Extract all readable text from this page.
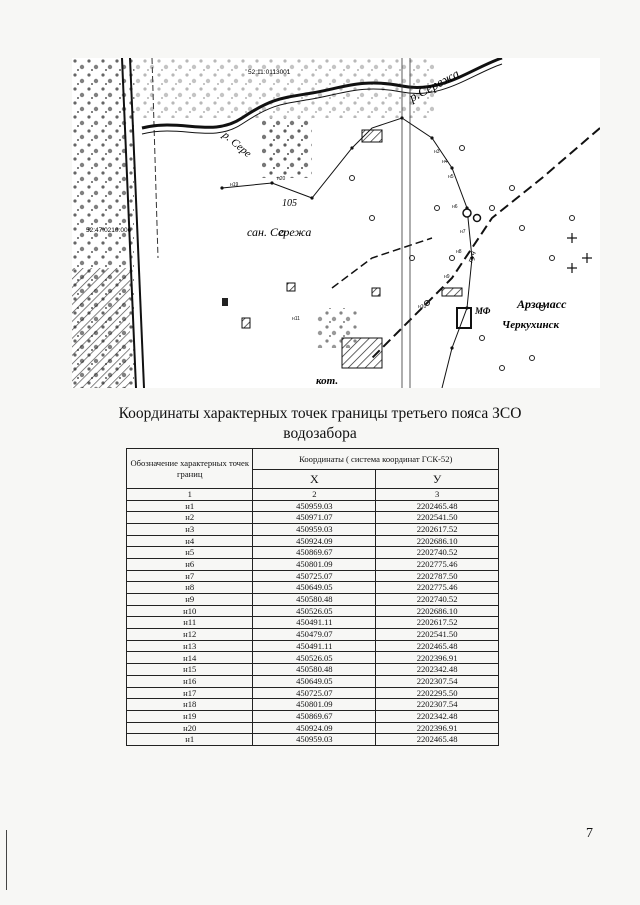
52:11:0113001
52:47:0210:006
р.Сережа
р. Сере
105
сан. Сережа
Арзамасс
Черкухинск
МФ
кот.
пуч
н3
н4
н5
н6
н7
н8
н9
н10
н11
н19
н20
Координаты характерных точек границы третьего пояса ЗСО
водозабора
Обозначение характерных точек границ	Координаты ( система координат ГСК-52)	
	X	У
1	2	3
н1	450959.03	2202465.48
н2	450971.07	2202541.50
н3	450959.03	2202617.52
н4	450924.09	2202686.10
н5	450869.67	2202740.52
н6	450801.09	2202775.46
н7	450725.07	2202787.50
н8	450649.05	2202775.46
н9	450580.48	2202740.52
н10	450526.05	2202686.10
н11	450491.11	2202617.52
н12	450479.07	2202541.50
н13	450491.11	2202465.48
н14	450526.05	2202396.91
н15	450580.48	2202342.48
н16	450649.05	2202307.54
н17	450725.07	2202295.50
н18	450801.09	2202307.54
н19	450869.67	2202342.48
н20	450924.09	2202396.91
н1	450959.03	2202465.48
7
